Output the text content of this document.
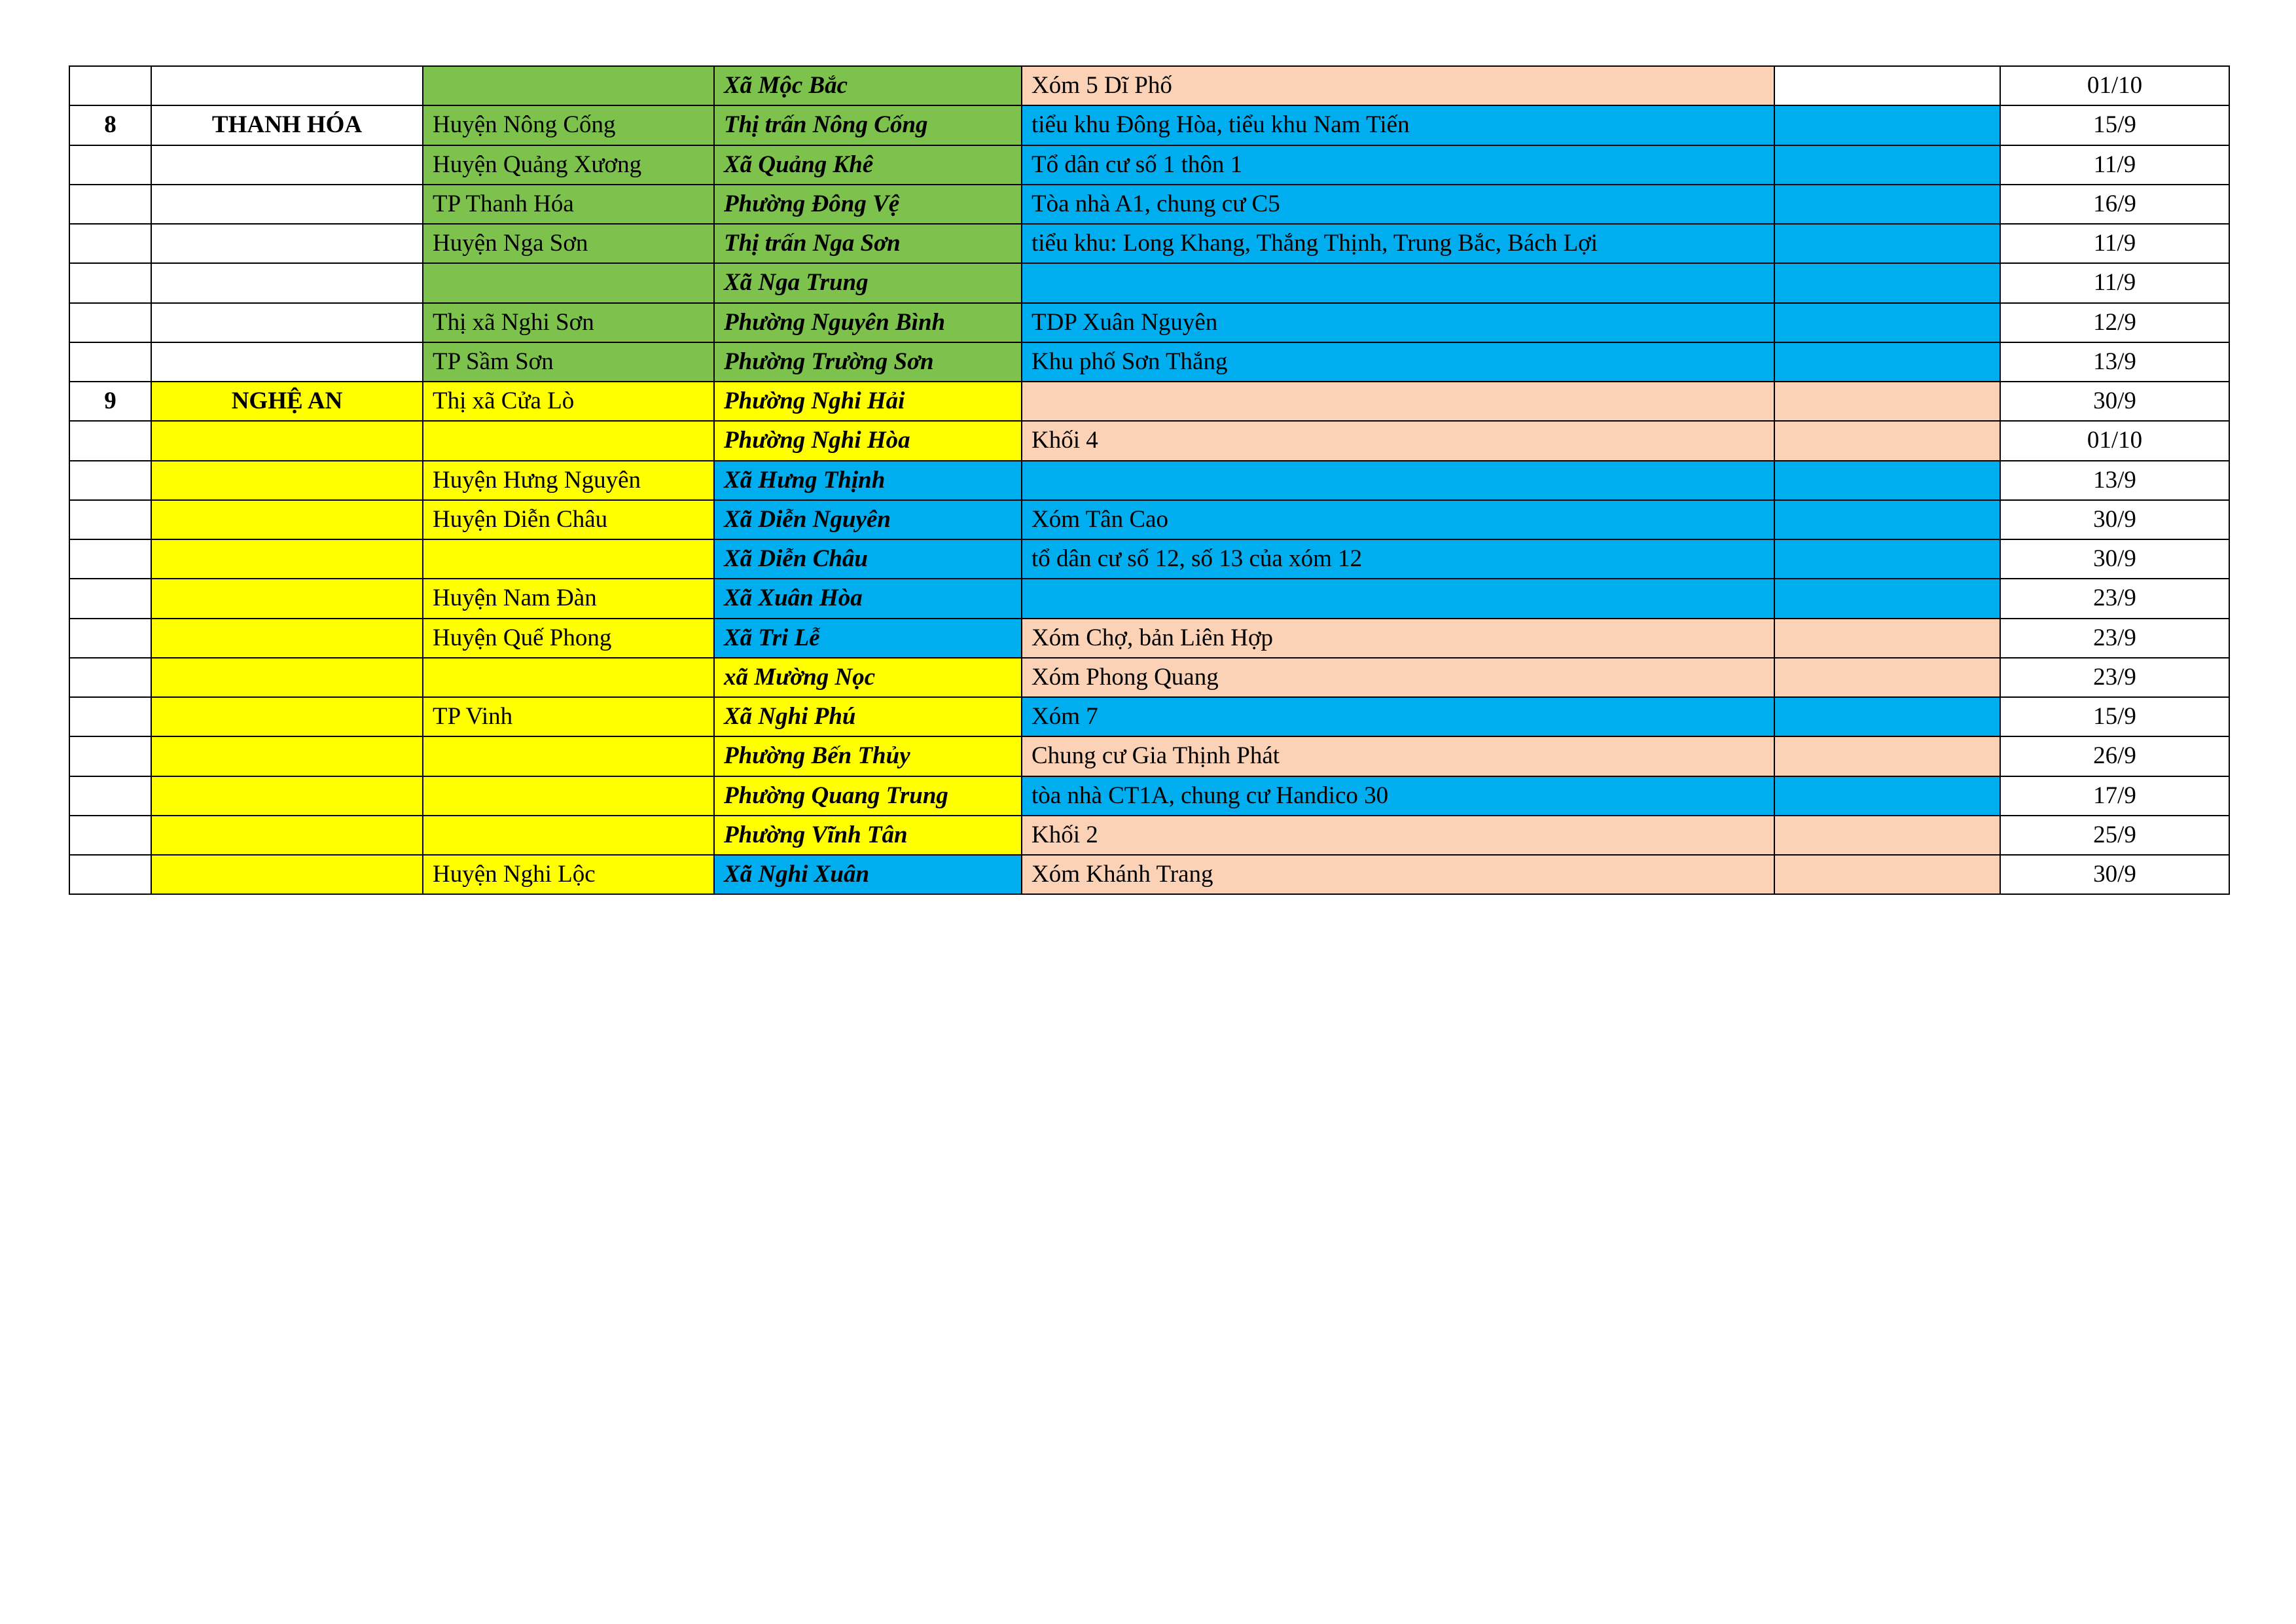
			Xã Mộc Bắc	Xóm 5 Dĩ Phố		01/10
8	THANH HÓA	Huyện Nông Cống	Thị trấn Nông Cống	tiểu khu Đông Hòa, tiểu khu Nam Tiến		15/9
		Huyện Quảng Xương	Xã Quảng Khê	Tổ dân cư số 1 thôn 1		11/9
		TP Thanh Hóa	Phường Đông Vệ	Tòa nhà A1, chung cư C5		16/9
		Huyện Nga Sơn	Thị trấn Nga Sơn	tiểu khu: Long Khang, Thắng Thịnh, Trung Bắc, Bách Lợi		11/9
			Xã Nga Trung			11/9
		Thị xã Nghi Sơn	Phường Nguyên Bình	TDP Xuân Nguyên		12/9
		TP Sầm Sơn	Phường Trường Sơn	Khu phố Sơn Thắng		13/9
9	NGHỆ AN	Thị xã Cửa Lò	Phường Nghi Hải			30/9
			Phường Nghi Hòa	Khối 4		01/10
		Huyện Hưng Nguyên	Xã Hưng Thịnh			13/9
		Huyện Diễn Châu	Xã Diễn Nguyên	Xóm Tân Cao		30/9
			Xã Diễn Châu	tổ dân cư số 12, số 13 của xóm 12		30/9
		Huyện Nam Đàn	Xã Xuân Hòa			23/9
		Huyện Quế Phong	Xã Tri Lễ	Xóm Chợ, bản Liên Hợp		23/9
			xã Mường Nọc	Xóm Phong Quang		23/9
		TP Vinh	Xã Nghi Phú	Xóm 7		15/9
			Phường Bến Thủy	Chung cư Gia Thịnh Phát		26/9
			Phường Quang Trung	tòa nhà CT1A, chung cư Handico 30		17/9
			Phường Vĩnh Tân	Khối 2		25/9
		Huyện Nghi Lộc	Xã Nghi Xuân	Xóm Khánh Trang		30/9
